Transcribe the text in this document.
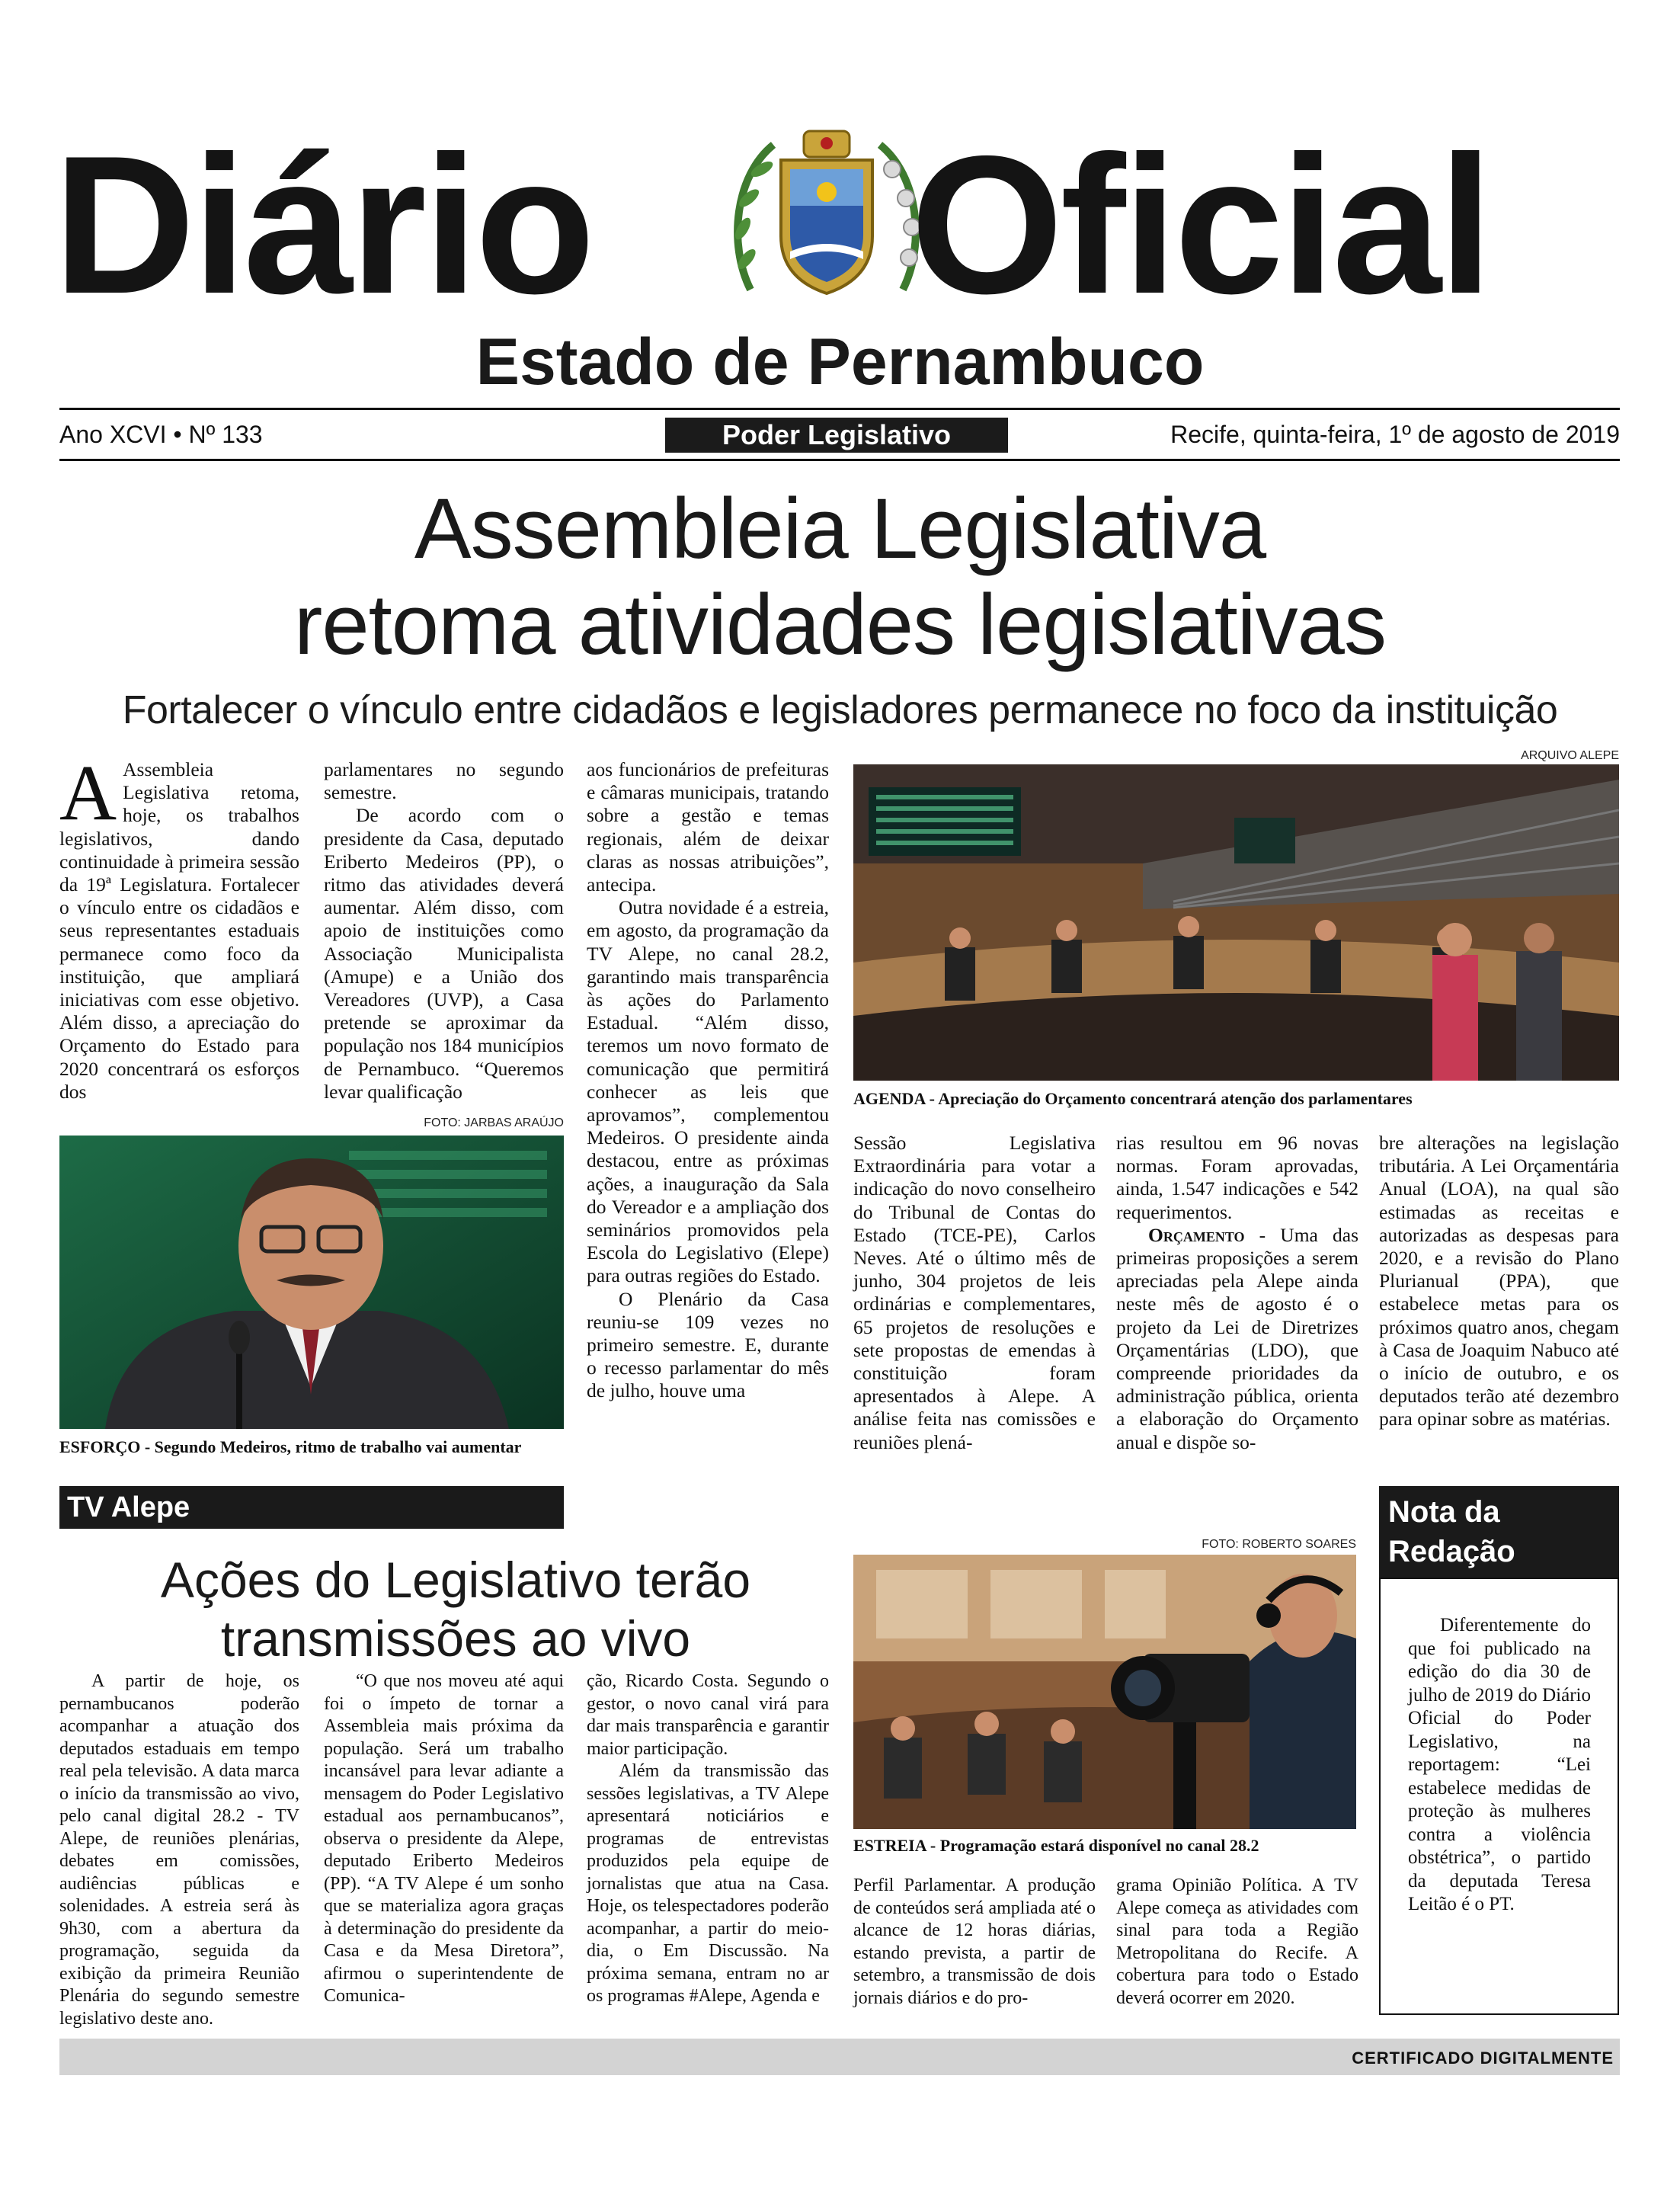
Diário Oficial
Estado de Pernambuco
Ano XCVI • Nº 133	Poder Legislativo	Recife, quinta-feira, 1º de agosto de 2019
Assembleia Legislativa
retoma atividades legislativas
Fortalecer o vínculo entre cidadãos e legisladores permanece no foco da instituição

A Assembleia Legislativa retoma, hoje, os trabalhos legislativos, dando continuidade à primeira sessão da 19ª Legislatura. Fortalecer o vínculo entre os cidadãos e seus representantes estaduais permanece como foco da instituição, que ampliará iniciativas com esse objetivo. Além disso, a apreciação do Orçamento do Estado para 2020 concentrará os esforços dos

parlamentares no segundo semestre.

De acordo com o presidente da Casa, deputado Eriberto Medeiros (PP), o ritmo das atividades deverá aumentar. Além disso, com apoio de instituições como Associação Municipalista (Amupe) e a União dos Vereadores (UVP), a Casa pretende se aproximar da população nos 184 municípios de Pernambuco. “Queremos levar qualificação

FOTO: JARBAS ARAÚJO
ESFORÇO - Segundo Medeiros, ritmo de trabalho vai aumentar

aos funcionários de prefeituras e câmaras municipais, tratando sobre a gestão e temas regionais, além de deixar claras as nossas atribuições”, antecipa.

Outra novidade é a estreia, em agosto, da programação da TV Alepe, no canal 28.2, garantindo mais transparência às ações do Parlamento Estadual. “Além disso, teremos um novo formato de comunicação que permitirá conhecer as leis que aprovamos”, complementou Medeiros. O presidente ainda destacou, entre as próximas ações, a inauguração da Sala do Vereador e a ampliação dos seminários promovidos pela Escola do Legislativo (Elepe) para outras regiões do Estado.

O Plenário da Casa reuniu-se 109 vezes no primeiro semestre. E, durante o recesso parlamentar do mês de julho, houve uma

ARQUIVO ALEPE
AGENDA - Apreciação do Orçamento concentrará atenção dos parlamentares

Sessão Legislativa Extraordinária para votar a indicação do novo conselheiro do Tribunal de Contas do Estado (TCE-PE), Carlos Neves. Até o último mês de junho, 304 projetos de leis ordinárias e complementares, 65 projetos de resoluções e sete propostas de emendas à constituição foram apresentados à Alepe. A análise feita nas comissões e reuniões plená-

rias resultou em 96 novas normas. Foram aprovadas, ainda, 1.547 indicações e 542 requerimentos.

Orçamento - Uma das primeiras proposições a serem apreciadas pela Alepe ainda neste mês de agosto é o projeto da Lei de Diretrizes Orçamentárias (LDO), que compreende prioridades da administração pública, orienta a elaboração do Orçamento anual e dispõe so-

bre alterações na legislação tributária. A Lei Orçamentária Anual (LOA), na qual são estimadas as receitas e autorizadas as despesas para 2020, e a revisão do Plano Plurianual (PPA), que estabelece metas para os próximos quatro anos, chegam à Casa de Joaquim Nabuco até o início de outubro, e os deputados terão até dezembro para opinar sobre as matérias.

TV Alepe
Ações do Legislativo terão
transmissões ao vivo

A partir de hoje, os pernambucanos poderão acompanhar a atuação dos deputados estaduais em tempo real pela televisão. A data marca o início da transmissão ao vivo, pelo canal digital 28.2 - TV Alepe, de reuniões plenárias, debates em comissões, audiências públicas e solenidades. A estreia será às 9h30, com a abertura da programação, seguida da exibição da primeira Reunião Plenária do segundo semestre legislativo deste ano.

“O que nos moveu até aqui foi o ímpeto de tornar a Assembleia mais próxima da população. Será um trabalho incansável para levar adiante a mensagem do Poder Legislativo estadual aos pernambucanos”, observa o presidente da Alepe, deputado Eriberto Medeiros (PP). “A TV Alepe é um sonho que se materializa agora graças à determinação do presidente da Casa e da Mesa Diretora”, afirmou o superintendente de Comunica-

ção, Ricardo Costa. Segundo o gestor, o novo canal virá para dar mais transparência e garantir maior participação.

Além da transmissão das sessões legislativas, a TV Alepe apresentará noticiários e programas de entrevistas produzidos pela equipe de jornalistas que atua na Casa. Hoje, os telespectadores poderão acompanhar, a partir do meio-dia, o Em Discussão. Na próxima semana, entram no ar os programas #Alepe, Agenda e

FOTO: ROBERTO SOARES
ESTREIA - Programação estará disponível no canal 28.2

Perfil Parlamentar. A produção de conteúdos será ampliada até o alcance de 12 horas diárias, estando prevista, a partir de setembro, a transmissão de dois jornais diários e do pro-

grama Opinião Política. A TV Alepe começa as atividades com sinal para toda a Região Metropolitana do Recife. A cobertura para todo o Estado deverá ocorrer em 2020.

Nota da
Redação

Diferentemente do que foi publicado na edição do dia 30 de julho de 2019 do Diário Oficial do Poder Legislativo, na reportagem: “Lei estabelece medidas de proteção às mulheres contra a violência obstétrica”, o partido da deputada Teresa Leitão é o PT.

CERTIFICADO DIGITALMENTE
